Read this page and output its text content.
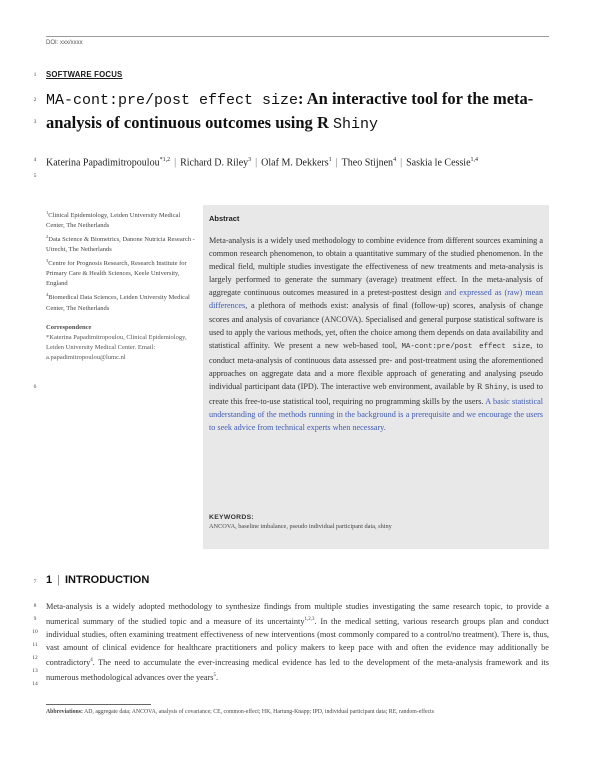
DOI: xxx/xxxx
1
2
3
4
5
6
7
8
9
10
11
12
13
14
SOFTWARE FOCUS
MA-cont:pre/post effect size: An interactive tool for the meta-analysis of continuous outcomes using R Shiny
Katerina Papadimitropoulou$^{*1,2}$ | Richard D. Riley$^3$ | Olaf M. Dekkers$^1$ | Theo Stijnen$^4$ | Saskia le Cessie$^{1,4}$
$^1$Clinical Epidemiology, Leiden University Medical Center, The Netherlands
$^2$Data Science & Biometrics, Danone Nutricia Research - Utrecht, The Netherlands
$^3$Centre for Prognosis Research, Research Institute for Primary Care & Health Sciences, Keele University, England
$^4$Biomedical Data Sciences, Leiden University Medical Center, The Netherlands
Correspondence
*Katerina Papadimitropoulou, Clinical Epidemiology, Leiden University Medical Center. Email: a.papadimitropoulou@lumc.nl
Abstract
Meta-analysis is a widely used methodology to combine evidence from different sources examining a common research phenomenon, to obtain a quantitative summary of the studied phenomenon. In the medical field, multiple studies investigate the effectiveness of new treatments and meta-analysis is largely performed to generate the summary (average) treatment effect. In the meta-analysis of aggregate continuous outcomes measured in a pretest-posttest design and expressed as (raw) mean differences, a plethora of methods exist: analysis of final (follow-up) scores, analysis of change scores and analysis of covariance (ANCOVA). Specialised and general purpose statistical software is used to apply the various methods, yet, often the choice among them depends on data availability and statistical affinity. We present a new web-based tool, MA-cont:pre/post effect size, to conduct meta-analysis of continuous data assessed pre- and post-treatment using the aforementioned approaches on aggregate data and a more flexible approach of generating and analysing pseudo individual participant data (IPD). The interactive web environment, available by R Shiny, is used to create this free-to-use statistical tool, requiring no programming skills by the users. A basic statistical understanding of the methods running in the background is a prerequisite and we encourage the users to seek advice from technical experts when necessary.
KEYWORDS:
ANCOVA, baseline imbalance, pseudo individual participant data, shiny
1 | INTRODUCTION
Meta-analysis is a widely adopted methodology to synthesize findings from multiple studies investigating the same research topic, to provide a numerical summary of the studied topic and a measure of its uncertainty$^{1,2,3}$. In the medical setting, various research groups plan and conduct individual studies, often examining treatment effectiveness of new interventions (most commonly compared to a control/no treatment). There is, thus, vast amount of clinical evidence for healthcare practitioners and policy makers to keep pace with and often the evidence may additionally be contradictory$^4$. The need to accumulate the ever-increasing medical evidence has led to the development of the meta-analysis framework and its numerous methodological advances over the years$^5$.
Abbreviations: AD, aggregate data; ANCOVA, analysis of covariance; CE, common-effect; HK, Hartung-Knapp; IPD, individual participant data; RE, random-effects
